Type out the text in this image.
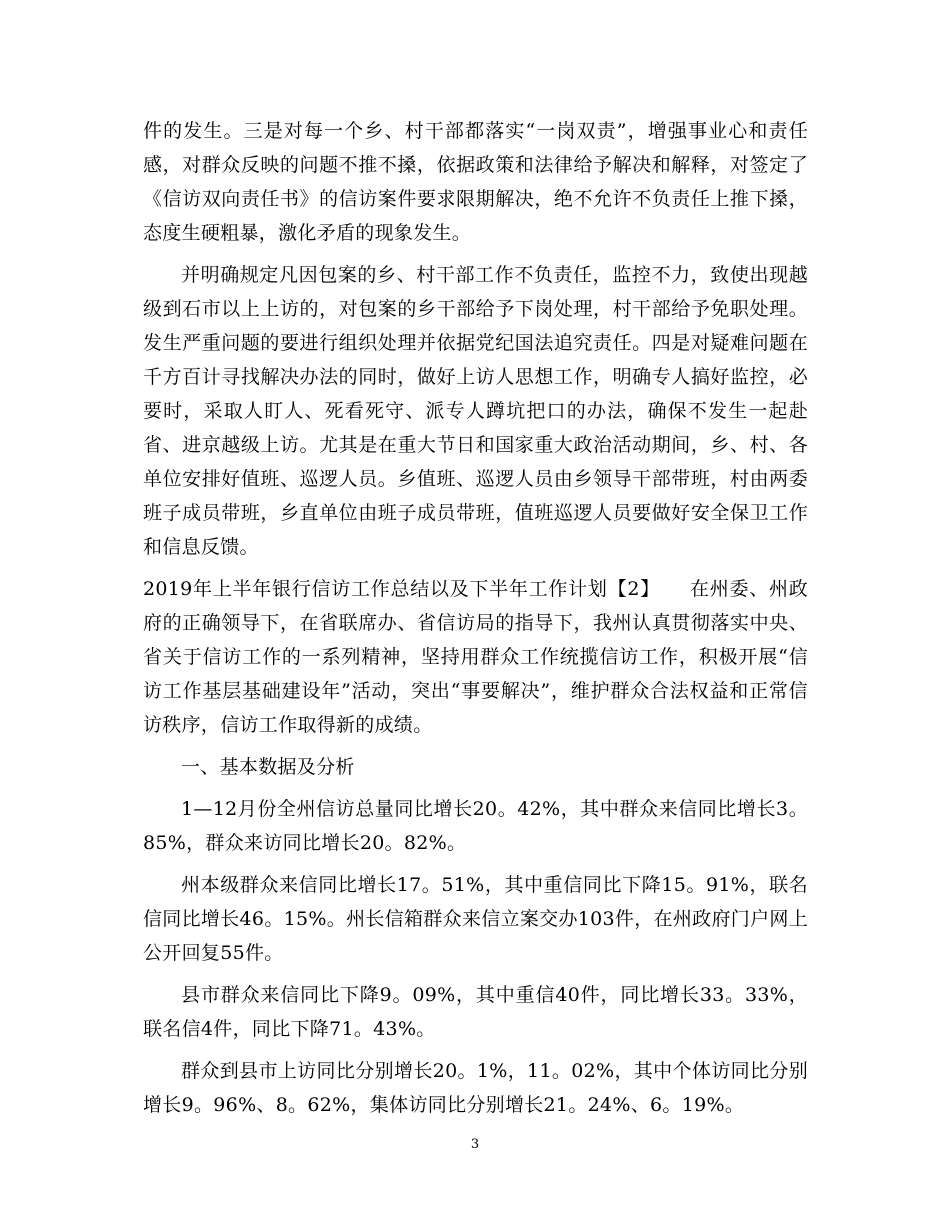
件的发生。三是对每一个乡、村干部都落实“一岗双责”，增强事业心和责任感，对群众反映的问题不推不搡，依据政策和法律给予解决和解释，对签定了《信访双向责任书》的信访案件要求限期解决，绝不允许不负责任上推下搡，态度生硬粗暴，激化矛盾的现象发生。

并明确规定凡因包案的乡、村干部工作不负责任，监控不力，致使出现越级到石市以上上访的，对包案的乡干部给予下岗处理，村干部给予免职处理。发生严重问题的要进行组织处理并依据党纪国法追究责任。四是对疑难问题在千方百计寻找解决办法的同时，做好上访人思想工作，明确专人搞好监控，必要时，采取人盯人、死看死守、派专人蹲坑把口的办法，确保不发生一起赴省、进京越级上访。尤其是在重大节日和国家重大政治活动期间，乡、村、各单位安排好值班、巡逻人员。乡值班、巡逻人员由乡领导干部带班，村由两委班子成员带班，乡直单位由班子成员带班，值班巡逻人员要做好安全保卫工作和信息反馈。

2019年上半年银行信访工作总结以及下半年工作计划【2】　　在州委、州政府的正确领导下，在省联席办、省信访局的指导下，我州认真贯彻落实中央、省关于信访工作的一系列精神，坚持用群众工作统揽信访工作，积极开展“信访工作基层基础建设年”活动，突出“事要解决”，维护群众合法权益和正常信访秩序，信访工作取得新的成绩。

一、基本数据及分析

1—12月份全州信访总量同比增长20。42%，其中群众来信同比增长3。85%，群众来访同比增长20。82%。

州本级群众来信同比增长17。51%，其中重信同比下降15。91%，联名信同比增长46。15%。州长信箱群众来信立案交办103件，在州政府门户网上公开回复55件。

县市群众来信同比下降9。09%，其中重信40件，同比增长33。33%，联名信4件，同比下降71。43%。

群众到县市上访同比分别增长20。1%，11。02%，其中个体访同比分别增长9。96%、8。62%，集体访同比分别增长21。24%、6。19%。

3
